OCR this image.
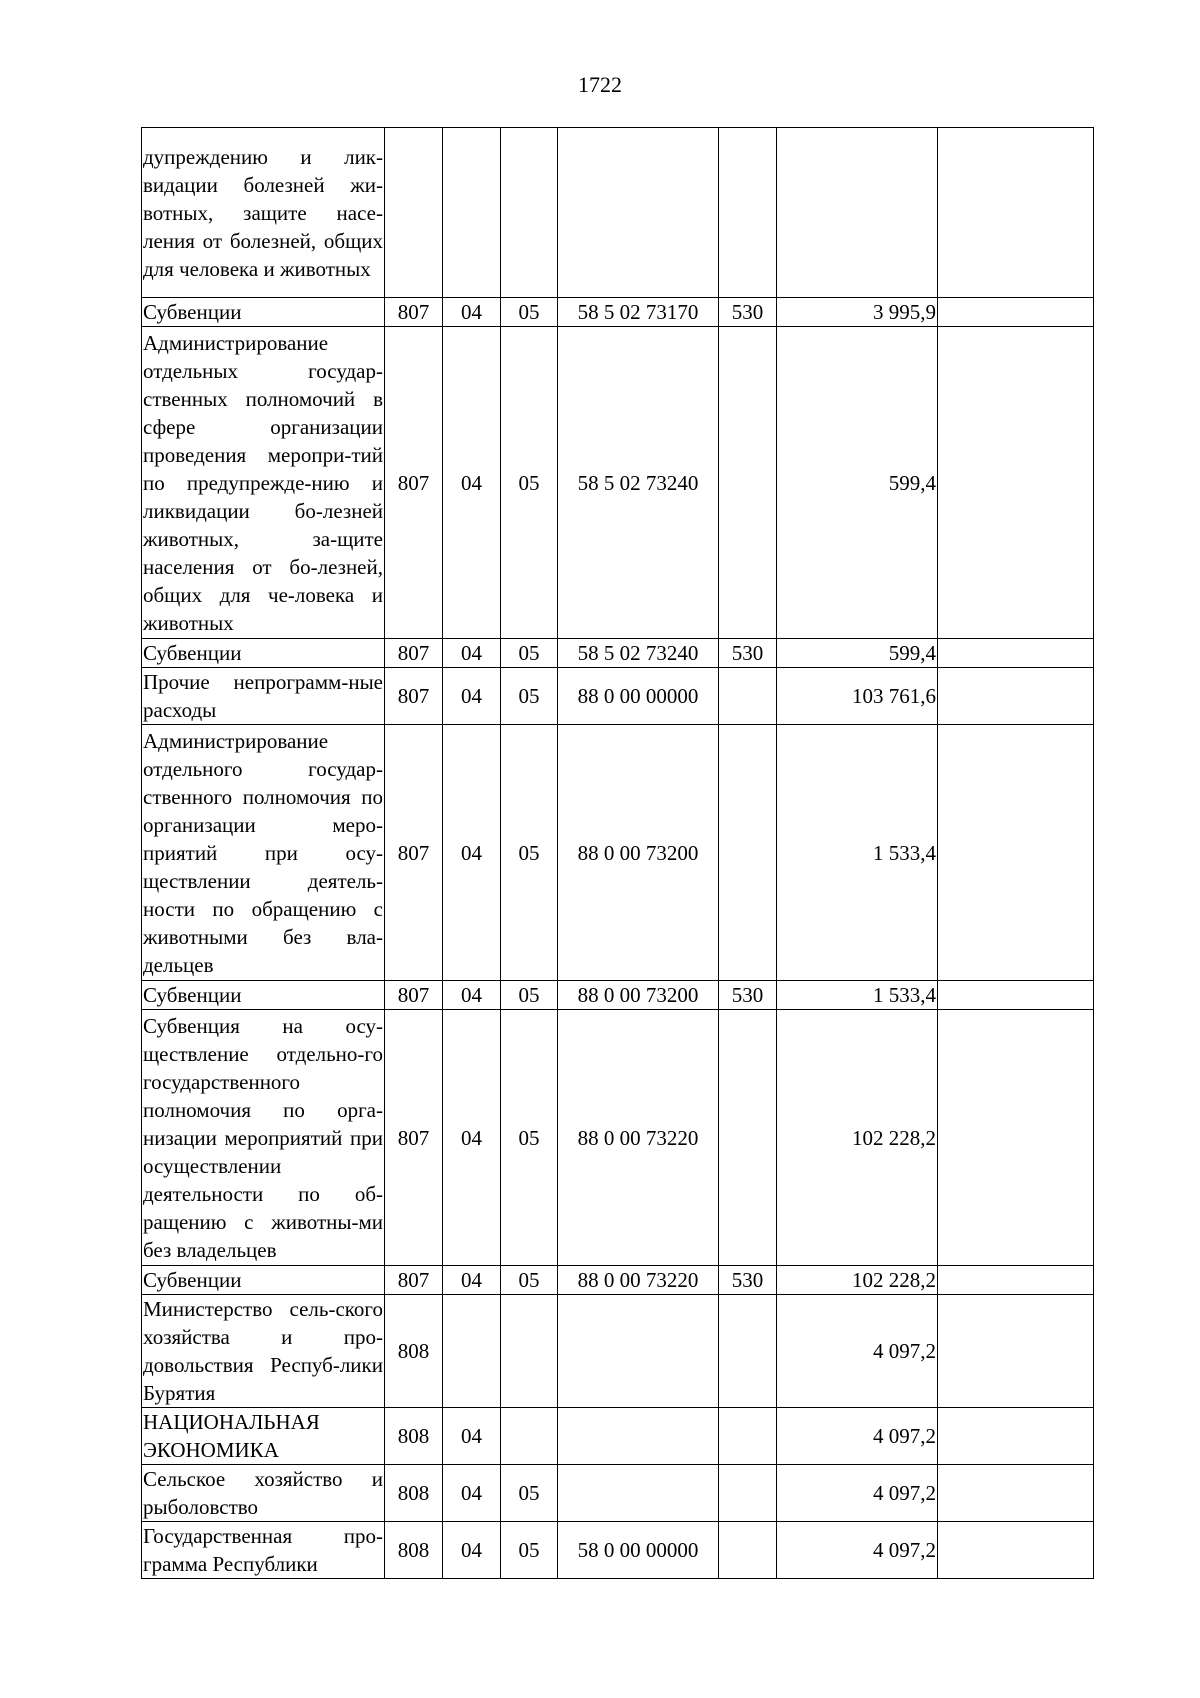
1722
дупреждению и лик-видации болезней жи-вотных, защите насе-ления от болезней, общих для человека и животных							
Субвенции	807	04	05	58 5 02 73170	530	3 995,9	
Администрирование отдельных государ-ственных полномочий в сфере организации проведения меропри-тий по предупрежде-нию и ликвидации бо-лезней животных, за-щите населения от бо-лезней, общих для че-ловека и животных	807	04	05	58 5 02 73240		599,4	
Субвенции	807	04	05	58 5 02 73240	530	599,4	
Прочие непрограмм-ные расходы	807	04	05	88 0 00 00000		103 761,6	
Администрирование отдельного государ-ственного полномочия по организации меро-приятий при осу-ществлении деятель-ности по обращению с животными без вла-дельцев	807	04	05	88 0 00 73200		1 533,4	
Субвенции	807	04	05	88 0 00 73200	530	1 533,4	
Субвенция на осу-ществление отдельно-го государственного полномочия по орга-низации мероприятий при осуществлении деятельности по об-ращению с животны-ми без владельцев	807	04	05	88 0 00 73220		102 228,2	
Субвенции	807	04	05	88 0 00 73220	530	102 228,2	
Министерство сель-ского хозяйства и про-довольствия Респуб-лики Бурятия	808					4 097,2	
НАЦИОНАЛЬНАЯ ЭКОНОМИКА	808	04				4 097,2	
Сельское хозяйство и рыболовство	808	04	05			4 097,2	
Государственная про-грамма Республики	808	04	05	58 0 00 00000		4 097,2	
